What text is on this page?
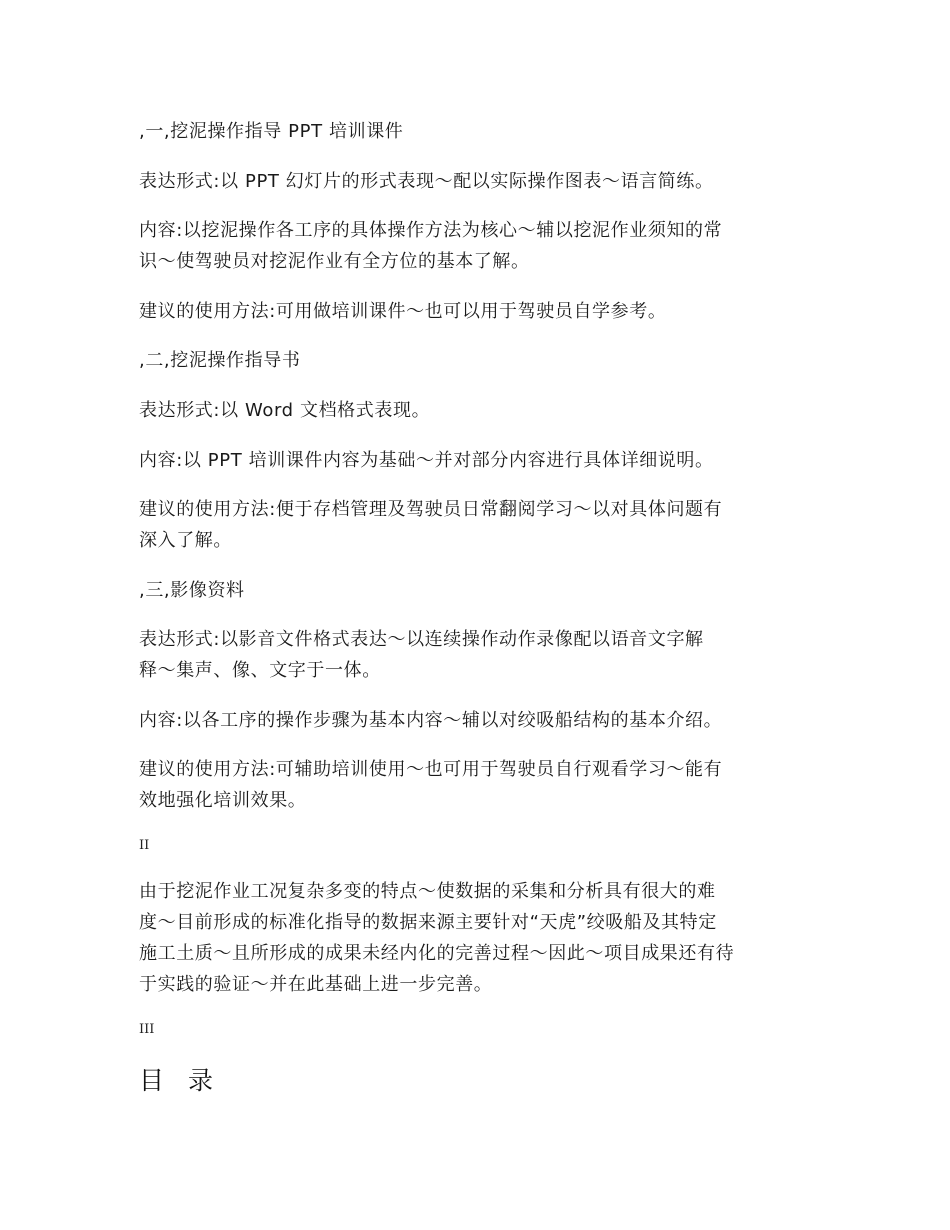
,一,挖泥操作指导 PPT 培训课件
表达形式:以 PPT 幻灯片的形式表现～配以实际操作图表～语言简练。
内容:以挖泥操作各工序的具体操作方法为核心～辅以挖泥作业须知的常
识～使驾驶员对挖泥作业有全方位的基本了解。
建议的使用方法:可用做培训课件～也可以用于驾驶员自学参考。
,二,挖泥操作指导书
表达形式:以 Word 文档格式表现。
内容:以 PPT 培训课件内容为基础～并对部分内容进行具体详细说明。
建议的使用方法:便于存档管理及驾驶员日常翻阅学习～以对具体问题有
深入了解。
,三,影像资料
表达形式:以影音文件格式表达～以连续操作动作录像配以语音文字解
释～集声、像、文字于一体。
内容:以各工序的操作步骤为基本内容～辅以对绞吸船结构的基本介绍。
建议的使用方法:可辅助培训使用～也可用于驾驶员自行观看学习～能有
效地强化培训效果。
II
由于挖泥作业工况复杂多变的特点～使数据的采集和分析具有很大的难
度～目前形成的标准化指导的数据来源主要针对“天虎”绞吸船及其特定
施工土质～且所形成的成果未经内化的完善过程～因此～项目成果还有待
于实践的验证～并在此基础上进一步完善。
III
目 录
